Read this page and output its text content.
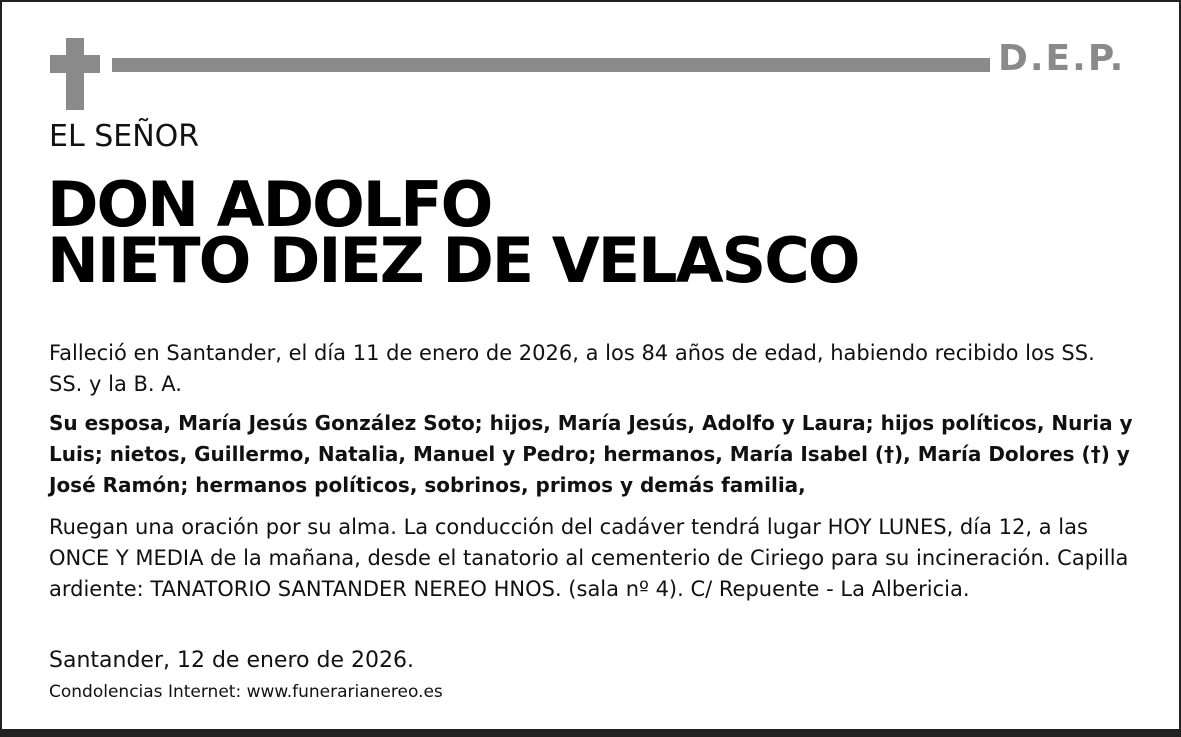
D.E.P.
EL SEÑOR
DON ADOLFO
NIETO DIEZ DE VELASCO

Falleció en Santander, el día 11 de enero de 2026, a los 84 años de edad, habiendo recibido los SS. SS. y la B. A.

Su esposa, María Jesús González Soto; hijos, María Jesús, Adolfo y Laura; hijos políticos, Nuria y Luis; nietos, Guillermo, Natalia, Manuel y Pedro; hermanos, María Isabel (†), María Dolores (†) y José Ramón; hermanos políticos, sobrinos, primos y demás familia,

Ruegan una oración por su alma. La conducción del cadáver tendrá lugar HOY LUNES, día 12, a las ONCE Y MEDIA de la mañana, desde el tanatorio al cementerio de Ciriego para su incineración. Capilla ardiente: TANATORIO SANTANDER NEREO HNOS. (sala nº 4). C/ Repuente - La Albericia.

Santander, 12 de enero de 2026.
Condolencias Internet: www.funerarianereo.es
